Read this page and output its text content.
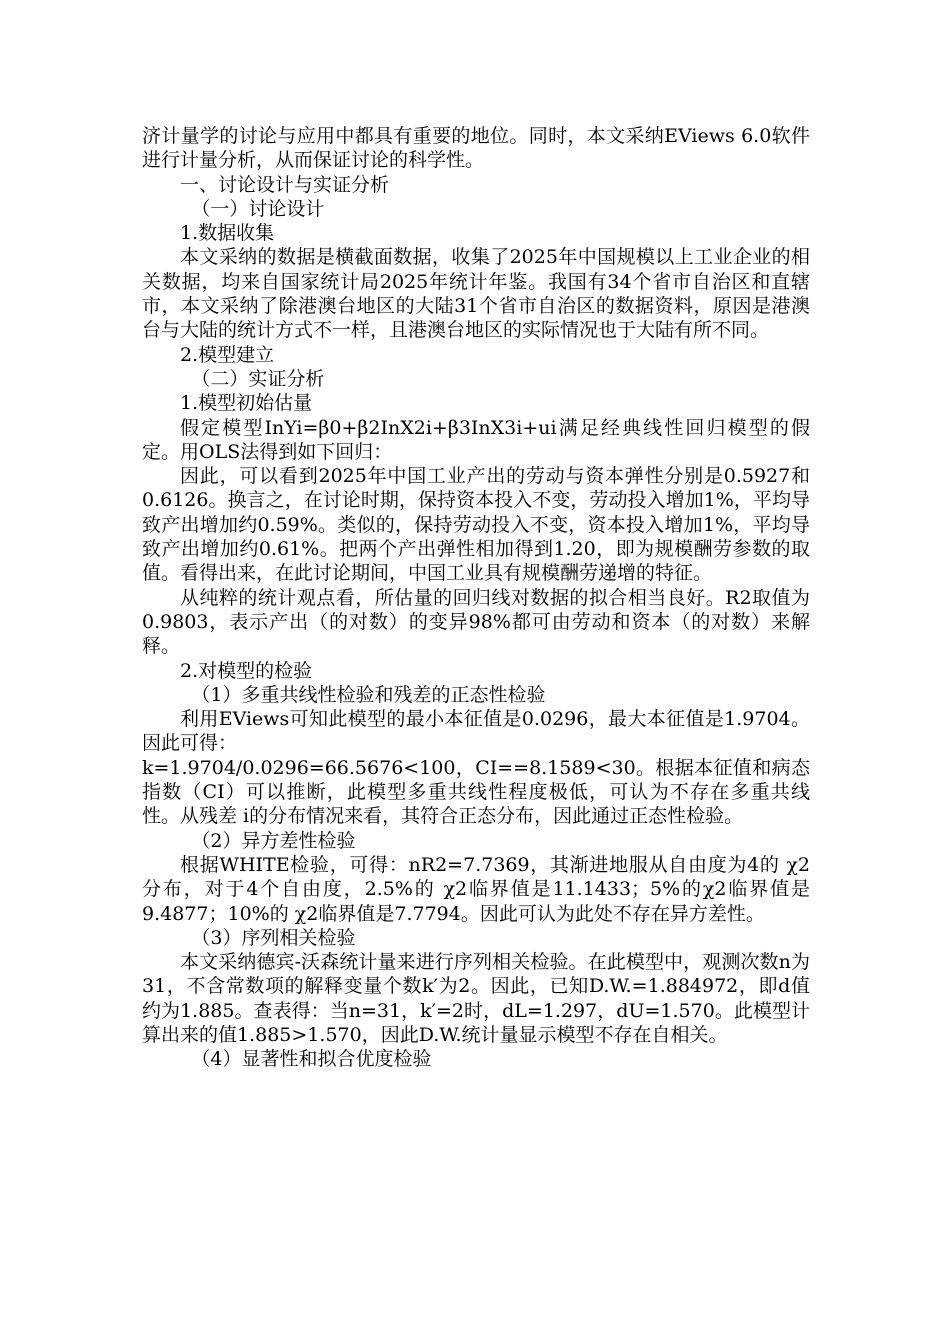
济计量学的讨论与应用中都具有重要的地位。同时，本文采纳EViews 6.0软件进行计量分析，从而保证讨论的科学性。

一、讨论设计与实证分析

（一）讨论设计

1.数据收集

本文采纳的数据是横截面数据，收集了2025年中国规模以上工业企业的相关数据，均来自国家统计局2025年统计年鉴。我国有34个省市自治区和直辖市，本文采纳了除港澳台地区的大陆31个省市自治区的数据资料，原因是港澳台与大陆的统计方式不一样，且港澳台地区的实际情况也于大陆有所不同。

2.模型建立

（二）实证分析

1.模型初始估量

假定模型InYi=β0+β2InX2i+β3InX3i+ui满足经典线性回归模型的假定。用OLS法得到如下回归：

因此，可以看到2025年中国工业产出的劳动与资本弹性分别是0.5927和0.6126。换言之，在讨论时期，保持资本投入不变，劳动投入增加1%，平均导致产出增加约0.59%。类似的，保持劳动投入不变，资本投入增加1%，平均导致产出增加约0.61%。把两个产出弹性相加得到1.20，即为规模酬劳参数的取值。看得出来，在此讨论期间，中国工业具有规模酬劳递增的特征。

从纯粹的统计观点看，所估量的回归线对数据的拟合相当良好。R2取值为0.9803，表示产出（的对数）的变异98%都可由劳动和资本（的对数）来解释。

2.对模型的检验

（1）多重共线性检验和残差的正态性检验

利用EViews可知此模型的最小本征值是0.0296，最大本征值是1.9704。因此可得：

k=1.9704/0.0296=66.5676<100，CI==8.1589<30。根据本征值和病态指数（CI）可以推断，此模型多重共线性程度极低，可认为不存在多重共线性。从残差 i的分布情况来看，其符合正态分布，因此通过正态性检验。

（2）异方差性检验

根据WHITE检验，可得：nR2=7.7369，其渐进地服从自由度为4的 χ2分布，对于4个自由度，2.5%的 χ2临界值是11.1433；5%的χ2临界值是9.4877；10%的 χ2临界值是7.7794。因此可认为此处不存在异方差性。

（3）序列相关检验

本文采纳德宾-沃森统计量来进行序列相关检验。在此模型中，观测次数n为31，不含常数项的解释变量个数k′为2。因此，已知D.W.=1.884972，即d值约为1.885。查表得：当n=31，k′=2时，dL=1.297，dU=1.570。此模型计算出来的值1.885>1.570，因此D.W.统计量显示模型不存在自相关。

（4）显著性和拟合优度检验
